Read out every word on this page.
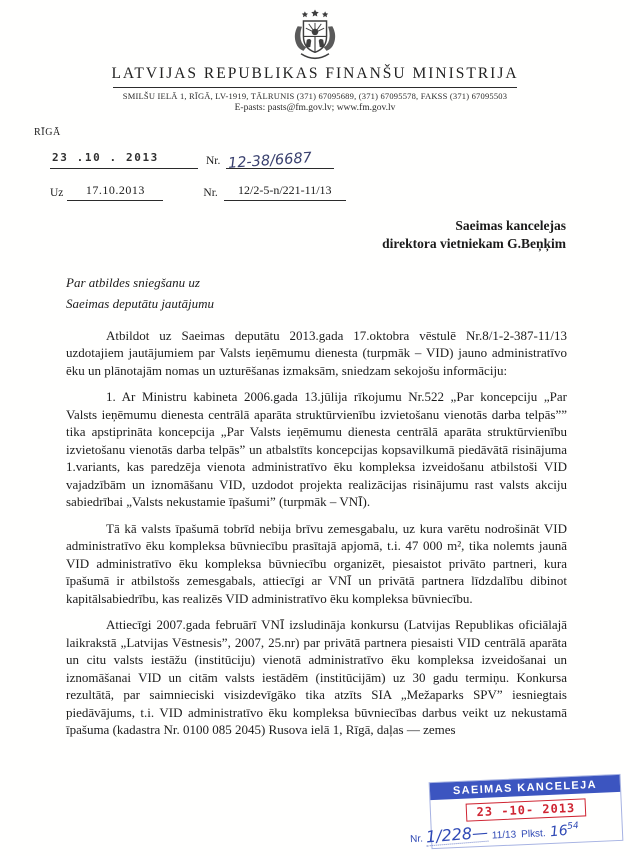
LATVIJAS REPUBLIKAS FINANŠU MINISTRIJA
SMILŠU IELĀ 1, RĪGĀ, LV-1919, TĀLRUNIS (371) 67095689, (371) 67095578, FAKSS (371) 67095503
E-pasts: pasts@fm.gov.lv; www.fm.gov.lv
RĪGĀ
23 .10 . 2013	Nr. 12-38/6687
Uz	17.10.2013	Nr.	12/2-5-n/221-11/13
Saeimas kancelejas
direktora vietniekam G.Beņķim
Par atbildes sniegšanu uz
Saeimas deputātu jautājumu

Atbildot uz Saeimas deputātu 2013.gada 17.oktobra vēstulē Nr.8/1-2-387-11/13 uzdotajiem jautājumiem par Valsts ieņēmumu dienesta (turpmāk – VID) jauno administratīvo ēku un plānotajām nomas un uzturēšanas izmaksām, sniedzam sekojošu informāciju:

1. Ar Ministru kabineta 2006.gada 13.jūlija rīkojumu Nr.522 „Par koncepciju „Par Valsts ieņēmumu dienesta centrālā aparāta struktūrvienību izvietošanu vienotās darba telpās”” tika apstiprināta koncepcija „Par Valsts ieņēmumu dienesta centrālā aparāta struktūrvienību izvietošanu vienotās darba telpās” un atbalstīts koncepcijas kopsavilkumā piedāvātā risinājuma 1.variants, kas paredzēja vienota administratīvo ēku kompleksa izveidošanu atbilstoši VID vajadzībām un iznomāšanu VID, uzdodot projekta realizācijas risinājumu rast valsts akciju sabiedrībai „Valsts nekustamie īpašumi” (turpmāk – VNĪ).

Tā kā valsts īpašumā tobrīd nebija brīvu zemesgabalu, uz kura varētu nodrošināt VID administratīvo ēku kompleksa būvniecību prasītajā apjomā, t.i. 47 000 m², tika nolemts jaunā VID administratīvo ēku kompleksa būvniecību organizēt, piesaistot privāto partneri, kura īpašumā ir atbilstošs zemesgabals, attiecīgi ar VNĪ un privātā partnera līdzdalību dibinot kapitālsabiedrību, kas realizēs VID administratīvo ēku kompleksa būvniecību.

Attiecīgi 2007.gada februārī VNĪ izsludināja konkursu (Latvijas Republikas oficiālajā laikrakstā „Latvijas Vēstnesis”, 2007, 25.nr) par privātā partnera piesaisti VID centrālā aparāta un citu valsts iestāžu (institūciju) vienotā administratīvo ēku kompleksa izveidošanai un iznomāšanai VID un citām valsts iestādēm (institūcijām) uz 30 gadu termiņu. Konkursa rezultātā, par saimnieciski visizdevīgāko tika atzīts SIA „Mežaparks SPV” iesniegtais piedāvājums, t.i. VID administratīvo ēku kompleksa būvniecības darbus veikt uz nekustamā īpašuma (kadastra Nr. 0100 085 2045) Rusova ielā 1, Rīgā, daļas — zemes

SAEIMAS KANCELEJA
23 -10- 2013
Nr. 1/228— 11/13 Plkst. $16^{54}$
